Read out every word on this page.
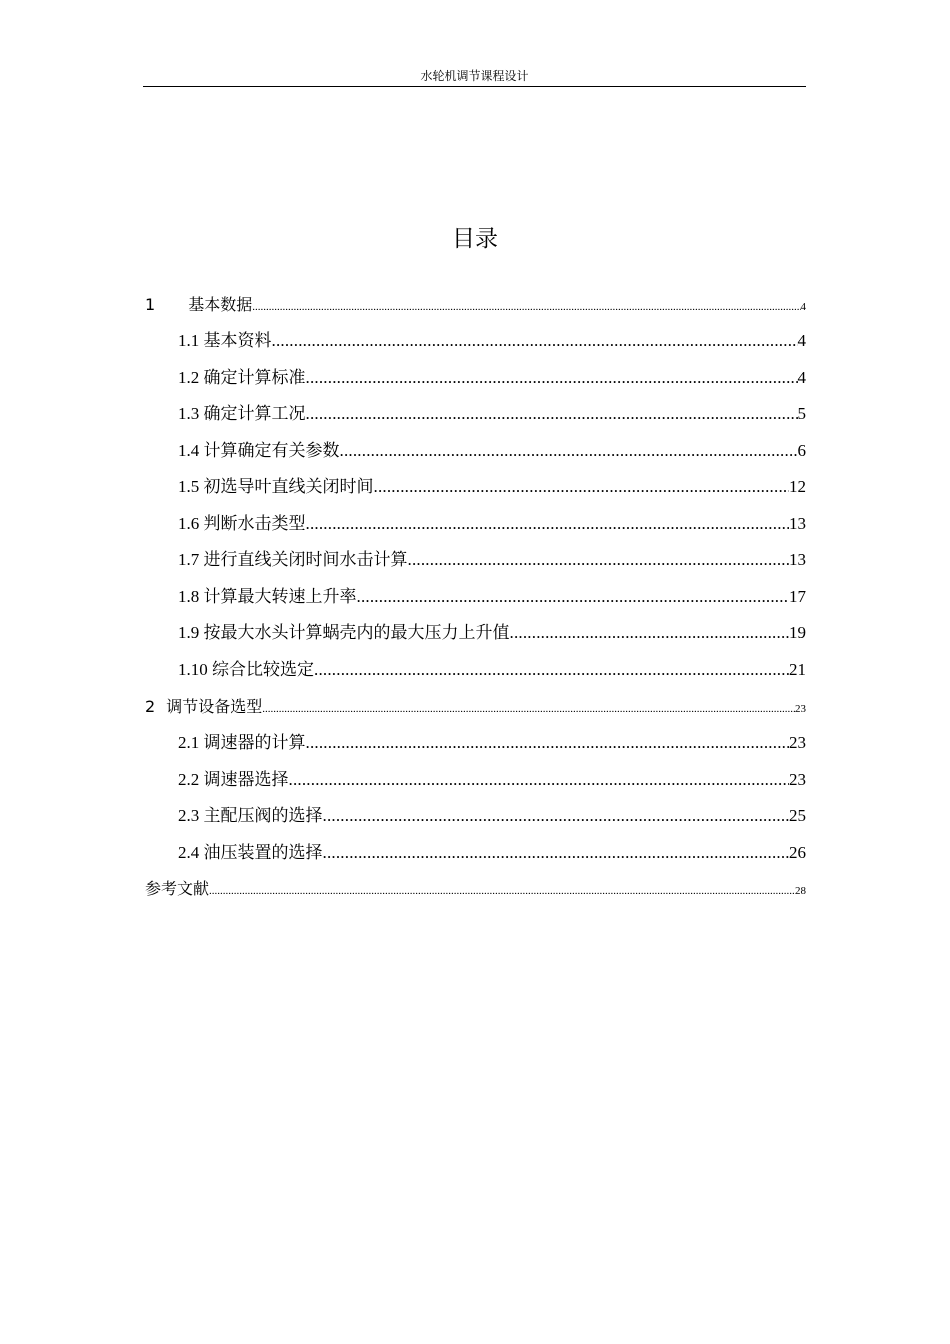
水轮机调节课程设计
目录
1 基本数据 .....	4
1.1 基本资料 .....	4
1.2 确定计算标准 .....	4
1.3 确定计算工况 .....	5
1.4 计算确定有关参数 .....	6
1.5 初选导叶直线关闭时间 .....	12
1.6 判断水击类型 .....	13
1.7 进行直线关闭时间水击计算 .....	13
1.8 计算最大转速上升率 .....	17
1.9 按最大水头计算蜗壳内的最大压力上升值 .....	19
1.10 综合比较选定 .....	21
2 调节设备选型 .....	23
2.1 调速器的计算 .....	23
2.2 调速器选择 .....	23
2.3 主配压阀的选择 .....	25
2.4 油压装置的选择 .....	26
参考文献 .....	28
